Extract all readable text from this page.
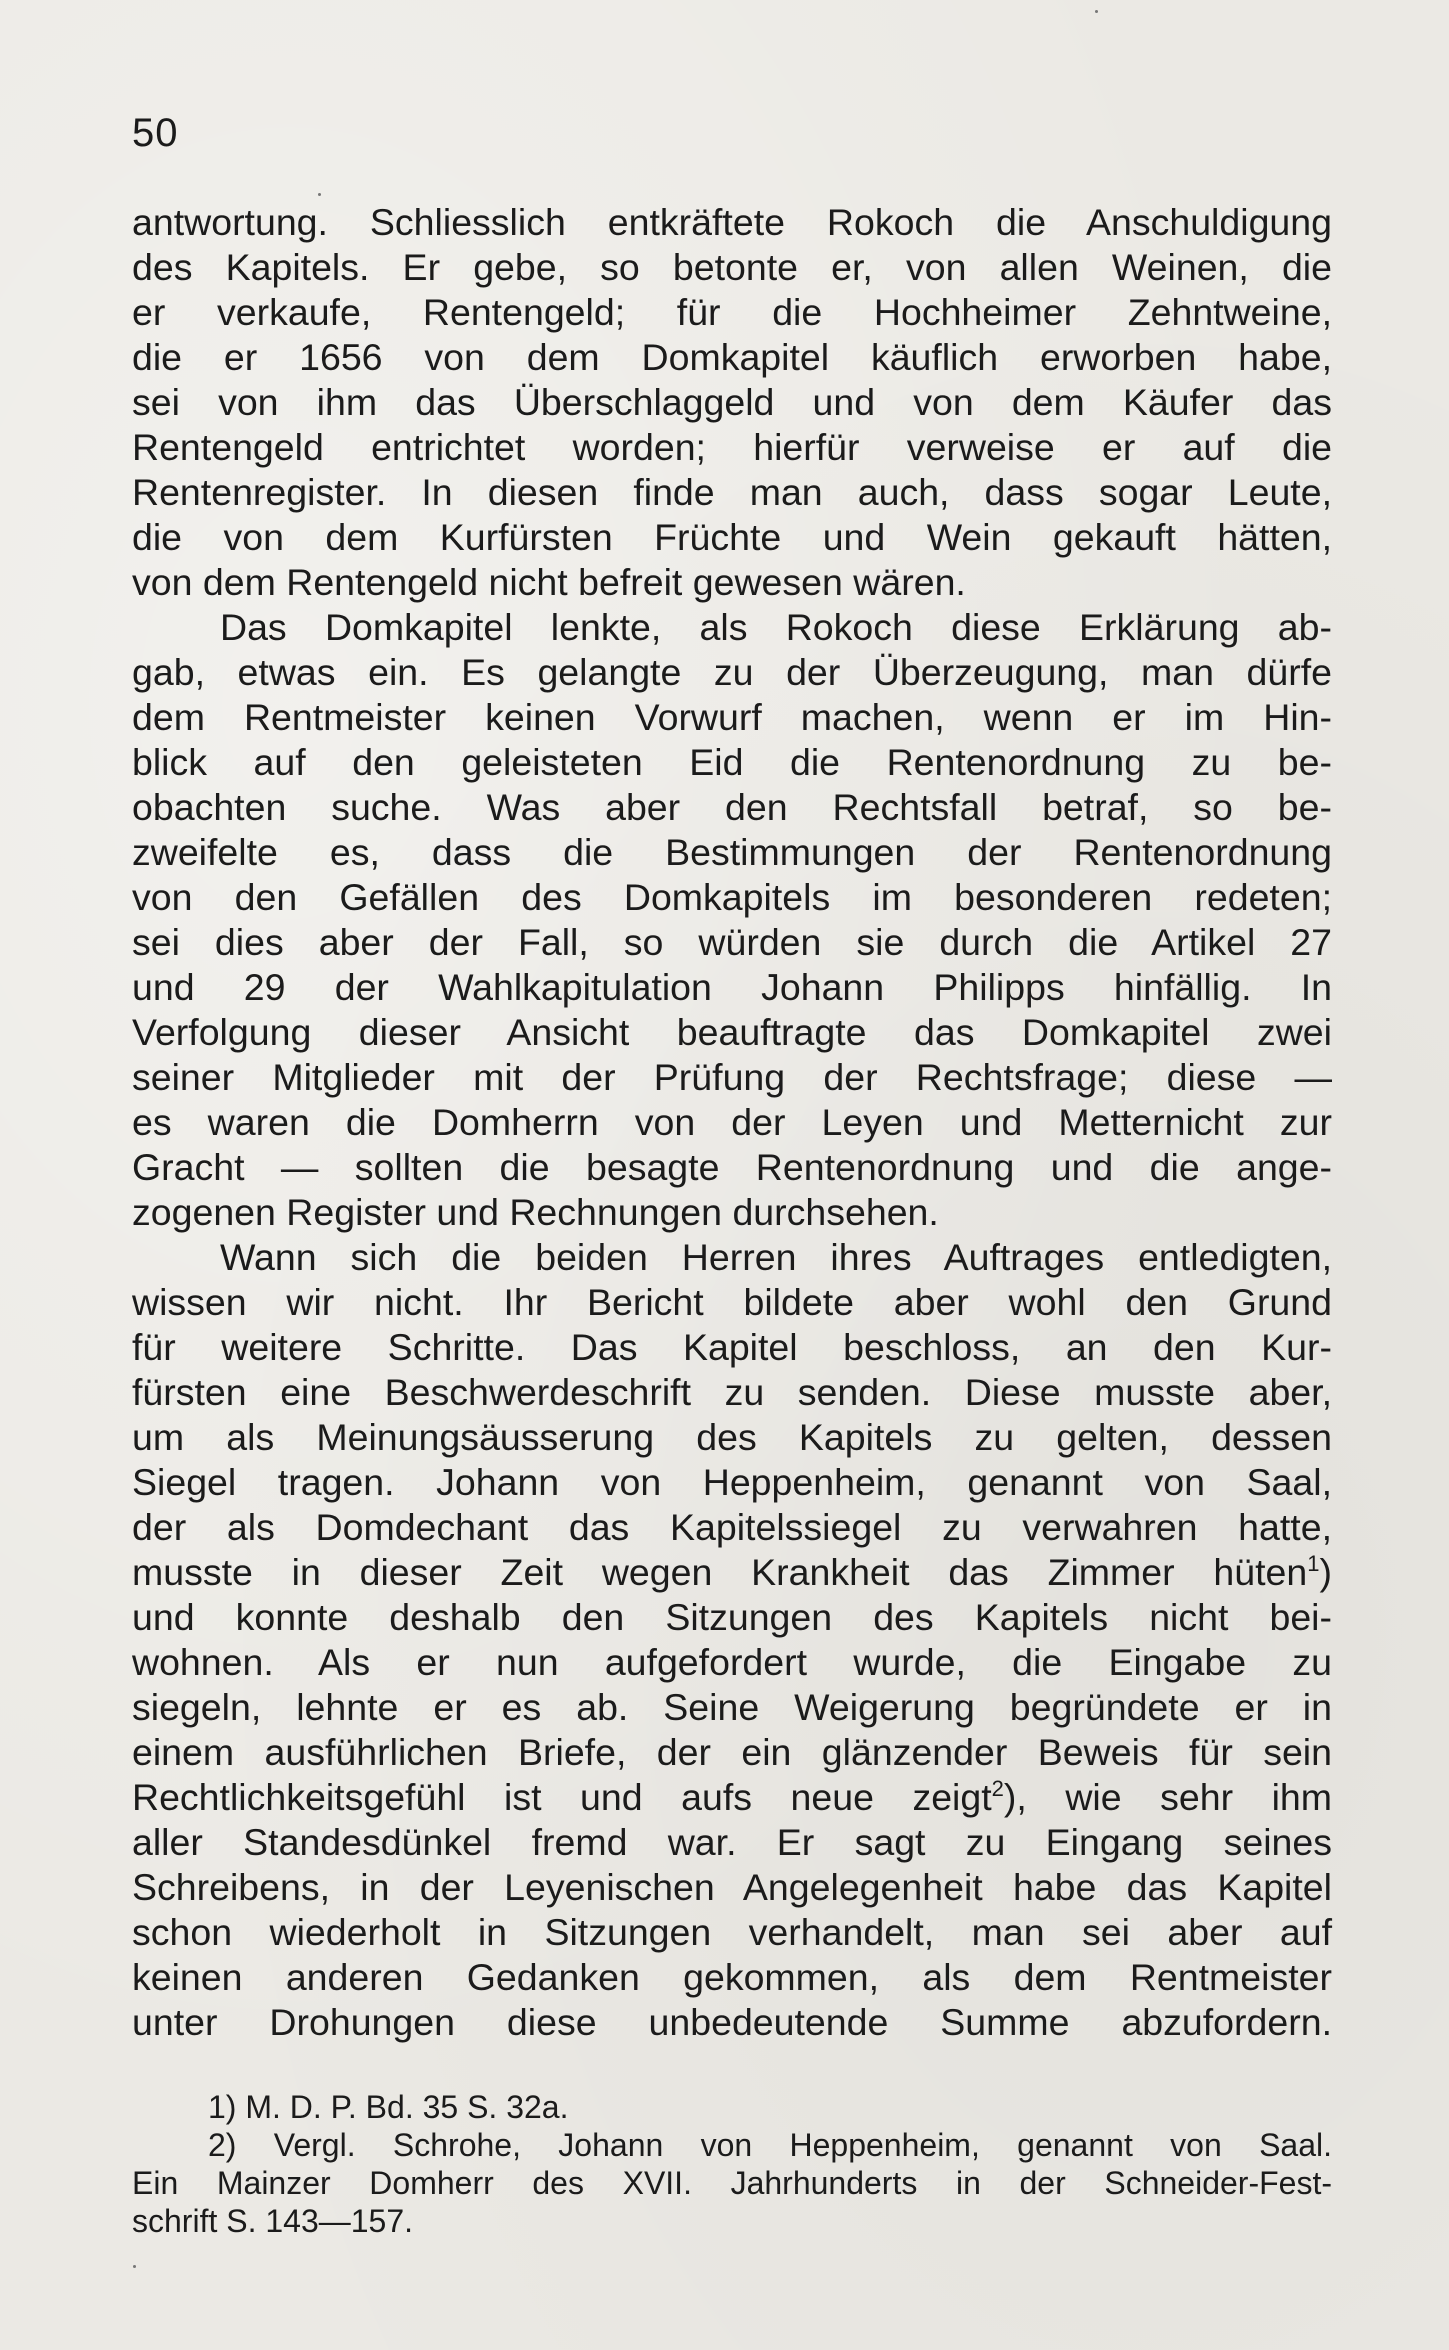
50
antwortung. Schliesslich entkräftete Rokoch die Anschuldigung
des Kapitels. Er gebe, so betonte er, von allen Weinen, die
er verkaufe, Rentengeld; für die Hochheimer Zehntweine,
die er 1656 von dem Domkapitel käuflich erworben habe,
sei von ihm das Überschlaggeld und von dem Käufer das
Rentengeld entrichtet worden; hierfür verweise er auf die
Rentenregister. In diesen finde man auch, dass sogar Leute,
die von dem Kurfürsten Früchte und Wein gekauft hätten,
von dem Rentengeld nicht befreit gewesen wären.
Das Domkapitel lenkte, als Rokoch diese Erklärung ab-
gab, etwas ein. Es gelangte zu der Überzeugung, man dürfe
dem Rentmeister keinen Vorwurf machen, wenn er im Hin-
blick auf den geleisteten Eid die Rentenordnung zu be-
obachten suche. Was aber den Rechtsfall betraf, so be-
zweifelte es, dass die Bestimmungen der Rentenordnung
von den Gefällen des Domkapitels im besonderen redeten;
sei dies aber der Fall, so würden sie durch die Artikel 27
und 29 der Wahlkapitulation Johann Philipps hinfällig. In
Verfolgung dieser Ansicht beauftragte das Domkapitel zwei
seiner Mitglieder mit der Prüfung der Rechtsfrage; diese —
es waren die Domherrn von der Leyen und Metternicht zur
Gracht — sollten die besagte Rentenordnung und die ange-
zogenen Register und Rechnungen durchsehen.
Wann sich die beiden Herren ihres Auftrages entledigten,
wissen wir nicht. Ihr Bericht bildete aber wohl den Grund
für weitere Schritte. Das Kapitel beschloss, an den Kur-
fürsten eine Beschwerdeschrift zu senden. Diese musste aber,
um als Meinungsäusserung des Kapitels zu gelten, dessen
Siegel tragen. Johann von Heppenheim, genannt von Saal,
der als Domdechant das Kapitelssiegel zu verwahren hatte,
musste in dieser Zeit wegen Krankheit das Zimmer hüten$^1$)
und konnte deshalb den Sitzungen des Kapitels nicht bei-
wohnen. Als er nun aufgefordert wurde, die Eingabe zu
siegeln, lehnte er es ab. Seine Weigerung begründete er in
einem ausführlichen Briefe, der ein glänzender Beweis für sein
Rechtlichkeitsgefühl ist und aufs neue zeigt$^2$), wie sehr ihm
aller Standesdünkel fremd war. Er sagt zu Eingang seines
Schreibens, in der Leyenischen Angelegenheit habe das Kapitel
schon wiederholt in Sitzungen verhandelt, man sei aber auf
keinen anderen Gedanken gekommen, als dem Rentmeister
unter Drohungen diese unbedeutende Summe abzufordern.
1) M. D. P. Bd. 35 S. 32a.
2) Vergl. Schrohe, Johann von Heppenheim, genannt von Saal.
Ein Mainzer Domherr des XVII. Jahrhunderts in der Schneider-Fest-
schrift S. 143—157.
